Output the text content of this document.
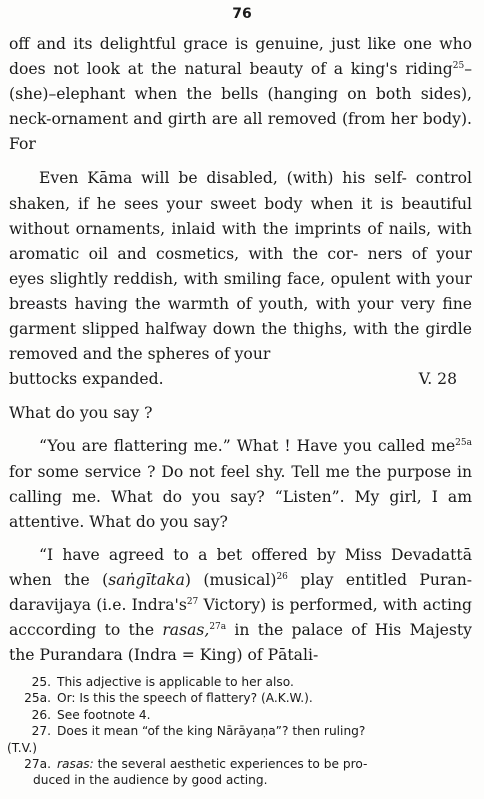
76

off and its delightful grace is genuine, just like one who does not look at the natural beauty of a king's riding$^{25}$–(she)–elephant when the bells (hanging on both sides), neck-ornament and girth are all removed (from her body). For

Even Kāma will be disabled, (with) his self- control shaken, if he sees your sweet body when it is beautiful without ornaments, inlaid with the imprints of nails, with aromatic oil and cosmetics, with the cor- ners of your eyes slightly reddish, with smiling face, opulent with your breasts having the warmth of youth, with your very fine garment slipped halfway down the thighs, with the girdle removed and the spheres of your

buttocks expanded.	V. 28

What do you say ?

“You are flattering me.” What ! Have you called $me^{25a}$ for some service ? Do not feel shy. Tell me the purpose in calling me. What do you say? “Listen”. My girl, I am attentive. What do you say?

“I have agreed to a bet offered by Miss Devadattā when the (saṅgītaka) (musical)$^{26}$ play entitled Puran- daravijaya (i.e. $Indra's^{27}$ Victory) is performed, with acting acccording to the rasas,$^{27a}$ in the palace of His Majesty the Purandara (Indra = King) of Pātali-

25. This adjective is applicable to her also.
25a. Or: Is this the speech of flattery? (A.K.W.).
26. See footnote 4.
27. Does it mean “of the king Nārāyaṇa”? then ruling?
(T.V.)
27a. rasas: the several aesthetic experiences to be pro-
duced in the audience by good acting.
